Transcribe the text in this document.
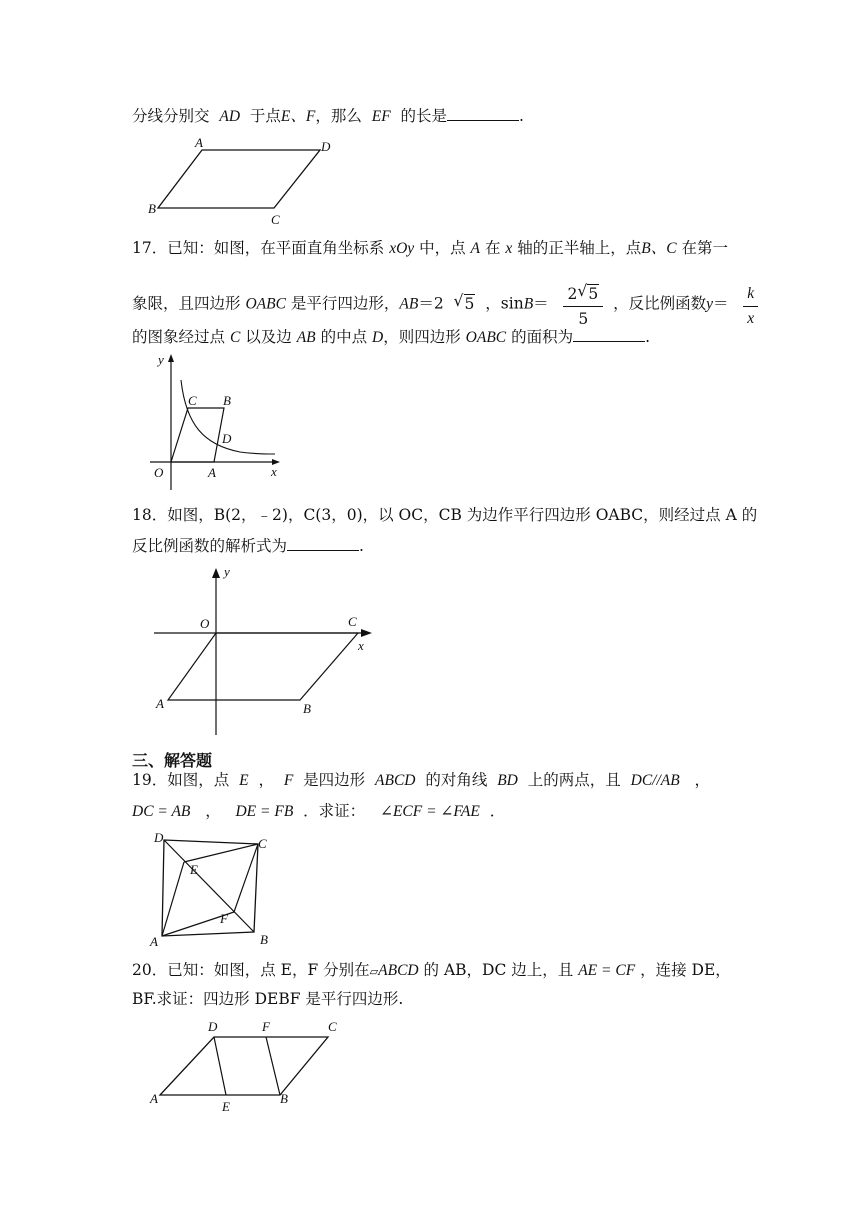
分线分别交 AD 于点E、F，那么 EF 的长是	.
A	D
B
C
17．已知：如图，在平面直角坐标系 xOy 中，点 A 在 x 轴的正半轴上，点B、C 在第一
象限，且四边形 OABC 是平行四边形，AB＝2 √ 5 ，$\sin B= \frac{2 √ 5}{5}$ ，反比例函数$y= \frac{k}{x}$
的图象经过点 C 以及边 AB 的中点 D，则四边形 OABC 的面积为	.
y
x
O	A
C B
D
18．如图，B(2，﹣2)，C(3，0)，以 OC，CB 为边作平行四边形 OABC，则经过点 A 的
反比例函数的解析式为	.
y
O	C
x
A	B
三、解答题
19．如图，点 E ， F 是四边形 ABCD 的对角线 BD 上的两点，且 DC//AB ，
DC = AB ， DE = FB ．求证： ∠ECF = ∠FAE ．
D	C
E
F
A	B
20．已知：如图，点 E，F 分别在▱ABCD 的 AB，DC 边上，且 AE = CF ，连接 DE，
BF.求证：四边形 DEBF 是平行四边形.
D	F	C
A
E
B
